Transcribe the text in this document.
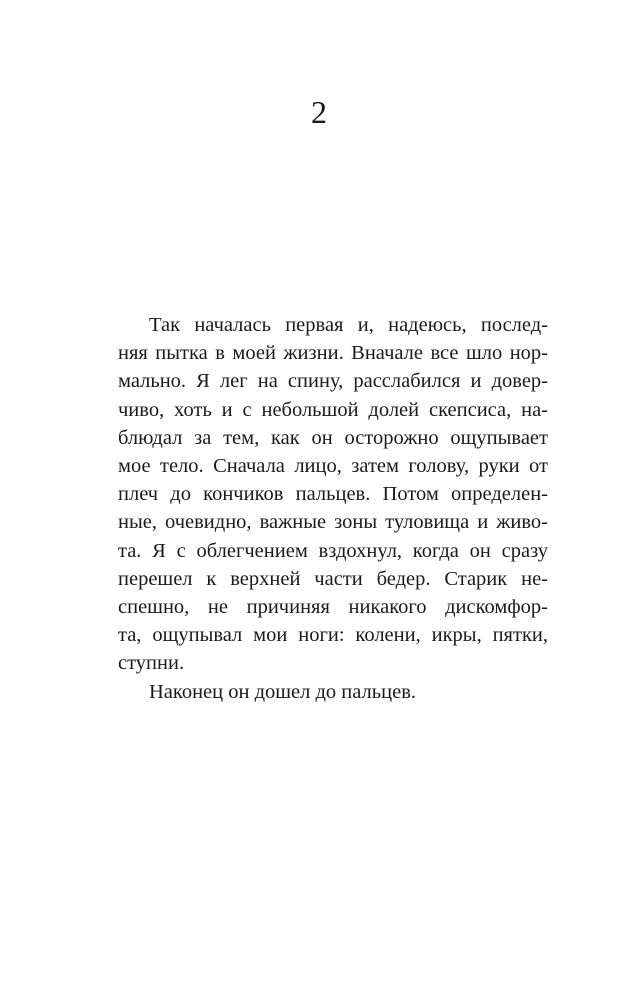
2
Так началась первая и, надеюсь, послед-
няя пытка в моей жизни. Вначале все шло нор-
мально. Я лег на спину, расслабился и довер-
чиво, хоть и с небольшой долей скепсиса, на-
блюдал за тем, как он осторожно ощупывает
мое тело. Сначала лицо, затем голову, руки от
плеч до кончиков пальцев. Потом определен-
ные, очевидно, важные зоны туловища и живо-
та. Я с облегчением вздохнул, когда он сразу
перешел к верхней части бедер. Старик не-
спешно, не причиняя никакого дискомфор-
та, ощупывал мои ноги: колени, икры, пятки,
ступни.
Наконец он дошел до пальцев.
